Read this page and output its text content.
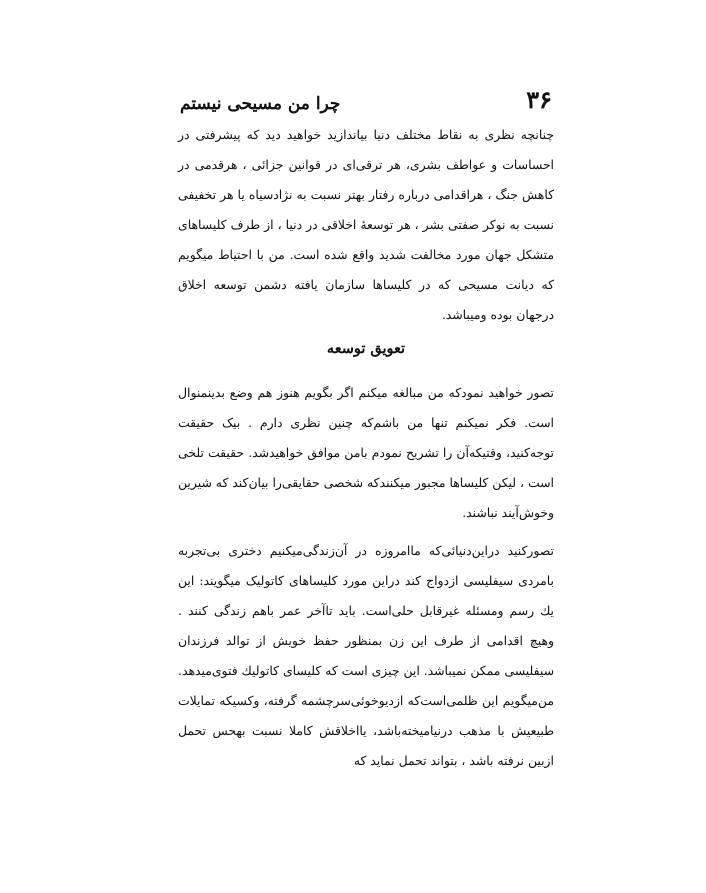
۳۶
چرا من مسیحی نیستم

چنانچه نظری به نقاط مختلف دنیا بیاندازید خواهید دید که پیشرفتی در احساسات و عواطف بشری، هر ترقی‌ای در قوانین جزائی ، هرقدمی در کاهش جنگ ، هراقدامی درباره رفتار بهتر نسبت به نژادسیاه یا هر تخفیفی نسبت به نوکر صفتی بشر ، هر توسعهٔ اخلاقی در دنیا ، از طرف کلیساهای متشکل جهان مورد مخالفت شدید واقع شده است. من با احتیاط میگویم که دیانت مسیحی که در کلیساها سازمان یافته دشمن توسعه اخلاق درجهان بوده ومیباشد.

تعویق توسعه

تصور خواهید نمودکه من مبالغه میکنم اگر بگویم هنوز هم وضع بدینمنوال است. فکر نمیکنم تنها من باشم‌که چنین نظری دارم . بیک حقیقت توجه‌کنید، وقتیکه‌آن را تشریح نمودم بامن موافق خواهیدشد. حقیقت تلخی است ، لیکن کلیساها مجبور میکنندکه شخصی حقایقی‌را بیان‌کند که شیرین وخوش‌آیند نباشند.

تصورکنید دراین‌دنیائی‌که ماامروزه در آن‌زندگی‌میکنیم دختری بی‌تجربه بامردی سیفلیسی ازدواج کند دراین مورد کلیساهای کاتولیک میگویند: این یك رسم ومسئله غیرقابل حلی‌است. باید تاآخر عمر باهم زندگی کنند . وهیچ اقدامی از طرف این زن بمنظور حفظ خویش از توالد فرزندان سیفلیسی ممکن نمیباشد. این چیزی است که کلیسای کاتولیك فتوی‌میدهد. من‌میگویم این ظلمی‌است‌که ازدیوخوئی‌سرچشمه گرفته، وکسیکه تمایلات طبیعیش با مذهب درنیامیخته‌باشد، یااخلاقش کاملا نسبت بهحس تحمل ازبین نرفته باشد ، بتواند تحمل نماید که
